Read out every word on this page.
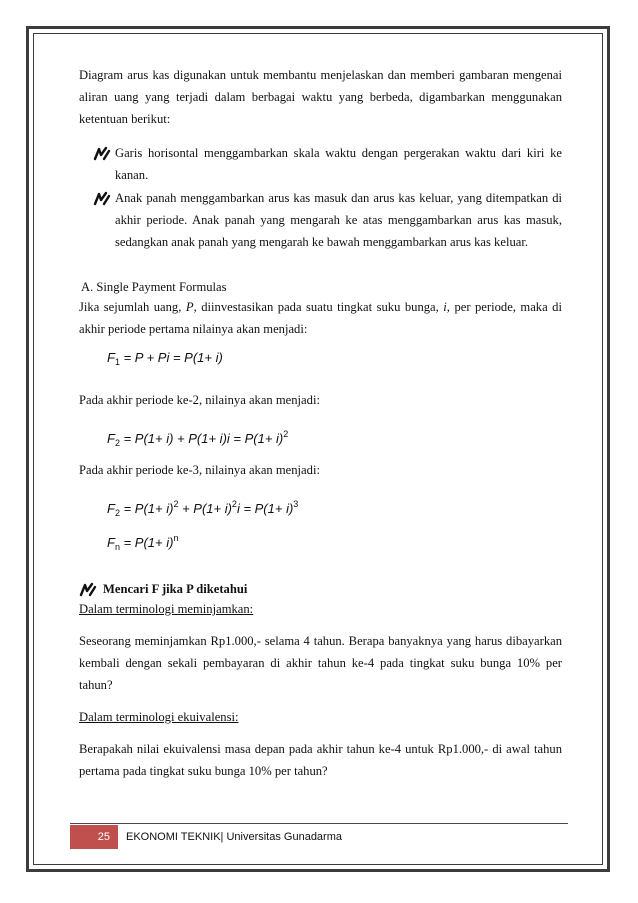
Diagram arus kas digunakan untuk membantu menjelaskan dan memberi gambaran mengenai aliran uang yang terjadi dalam berbagai waktu yang berbeda, digambarkan menggunakan ketentuan berikut:

Garis horisontal menggambarkan skala waktu dengan pergerakan waktu dari kiri ke kanan.
Anak panah menggambarkan arus kas masuk dan arus kas keluar, yang ditempatkan di akhir periode. Anak panah yang mengarah ke atas menggambarkan arus kas masuk, sedangkan anak panah yang mengarah ke bawah menggambarkan arus kas keluar.

A. Single Payment Formulas

Jika sejumlah uang, P, diinvestasikan pada suatu tingkat suku bunga, i, per periode, maka di akhir periode pertama nilainya akan menjadi:

$F_1 = P + Pi = P(1+ i)$

Pada akhir periode ke-2, nilainya akan menjadi:

$F_2 = P(1+ i) + P(1+ i)i = P(1+ i)^2$

Pada akhir periode ke-3, nilainya akan menjadi:

$F_2 = P(1+ i)^2 + P(1+ i)^2i = P(1+ i)^3$
$F_n = P(1+ i)^n$
Mencari F jika P diketahui

Dalam terminologi meminjamkan:

Seseorang meminjamkan Rp1.000,- selama 4 tahun. Berapa banyaknya yang harus dibayarkan kembali dengan sekali pembayaran di akhir tahun ke-4 pada tingkat suku bunga 10% per tahun?

Dalam terminologi ekuivalensi:

Berapakah nilai ekuivalensi masa depan pada akhir tahun ke-4 untuk Rp1.000,- di awal tahun pertama pada tingkat suku bunga 10% per tahun?

25	EKONOMI TEKNIK| Universitas Gunadarma
